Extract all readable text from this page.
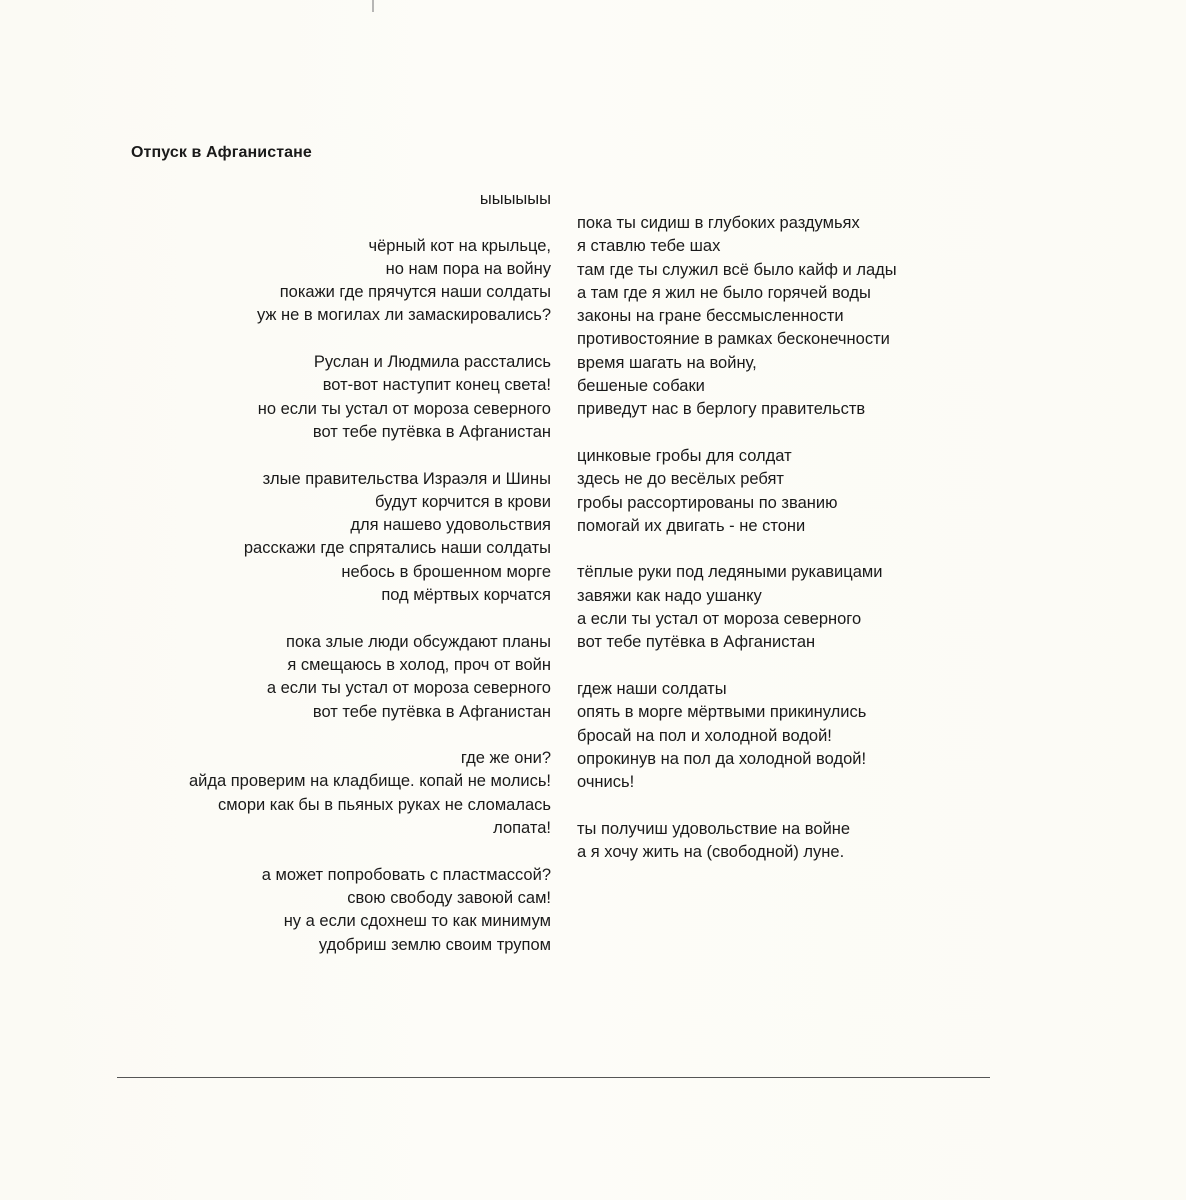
Отпуск в Афганистане
ыыыыыы
чёрный кот на крыльце,
но нам пора на войну
покажи где прячутся наши солдаты
уж не в могилах ли замаскировались?
Руслан и Людмила расстались
вот-вот наступит конец света!
но если ты устал от мороза северного
вот тебе путёвка в Афганистан
злые правительства Израэля и Шины
будут корчится в крови
для нашево удовольствия
расскажи где спрятались наши солдаты
небось в брошенном морге
под мёртвых корчатся
пока злые люди обсуждают планы
я смещаюсь в холод, проч от войн
а если ты устал от мороза северного
вот тебе путёвка в Афганистан
где же они?
айда проверим на кладбище. копай не молись!
смори как бы в пьяных руках не сломалась
лопата!
а может попробовать с пластмассой?
свою свободу завоюй сам!
ну а если сдохнеш то как минимум
удобриш землю своим трупом
пока ты сидиш в глубоких раздумьях
я ставлю тебе шах
там где ты служил всё было кайф и лады
а там где я жил не было горячей воды
законы на гране бессмысленности
противостояние в рамках бесконечности
время шагать на войну,
бешеные собаки
приведут нас в берлогу правительств
цинковые гробы для солдат
здесь не до весёлых ребят
гробы рассортированы по званию
помогай их двигать - не стони
тёплые руки под ледяными рукавицами
завяжи как надо ушанку
а если ты устал от мороза северного
вот тебе путёвка в Афганистан
гдеж наши солдаты
опять в морге мёртвыми прикинулись
бросай на пол и холодной водой!
опрокинув на пол да холодной водой!
очнись!
ты получиш удовольствие на войне
а я хочу жить на (свободной) луне.
